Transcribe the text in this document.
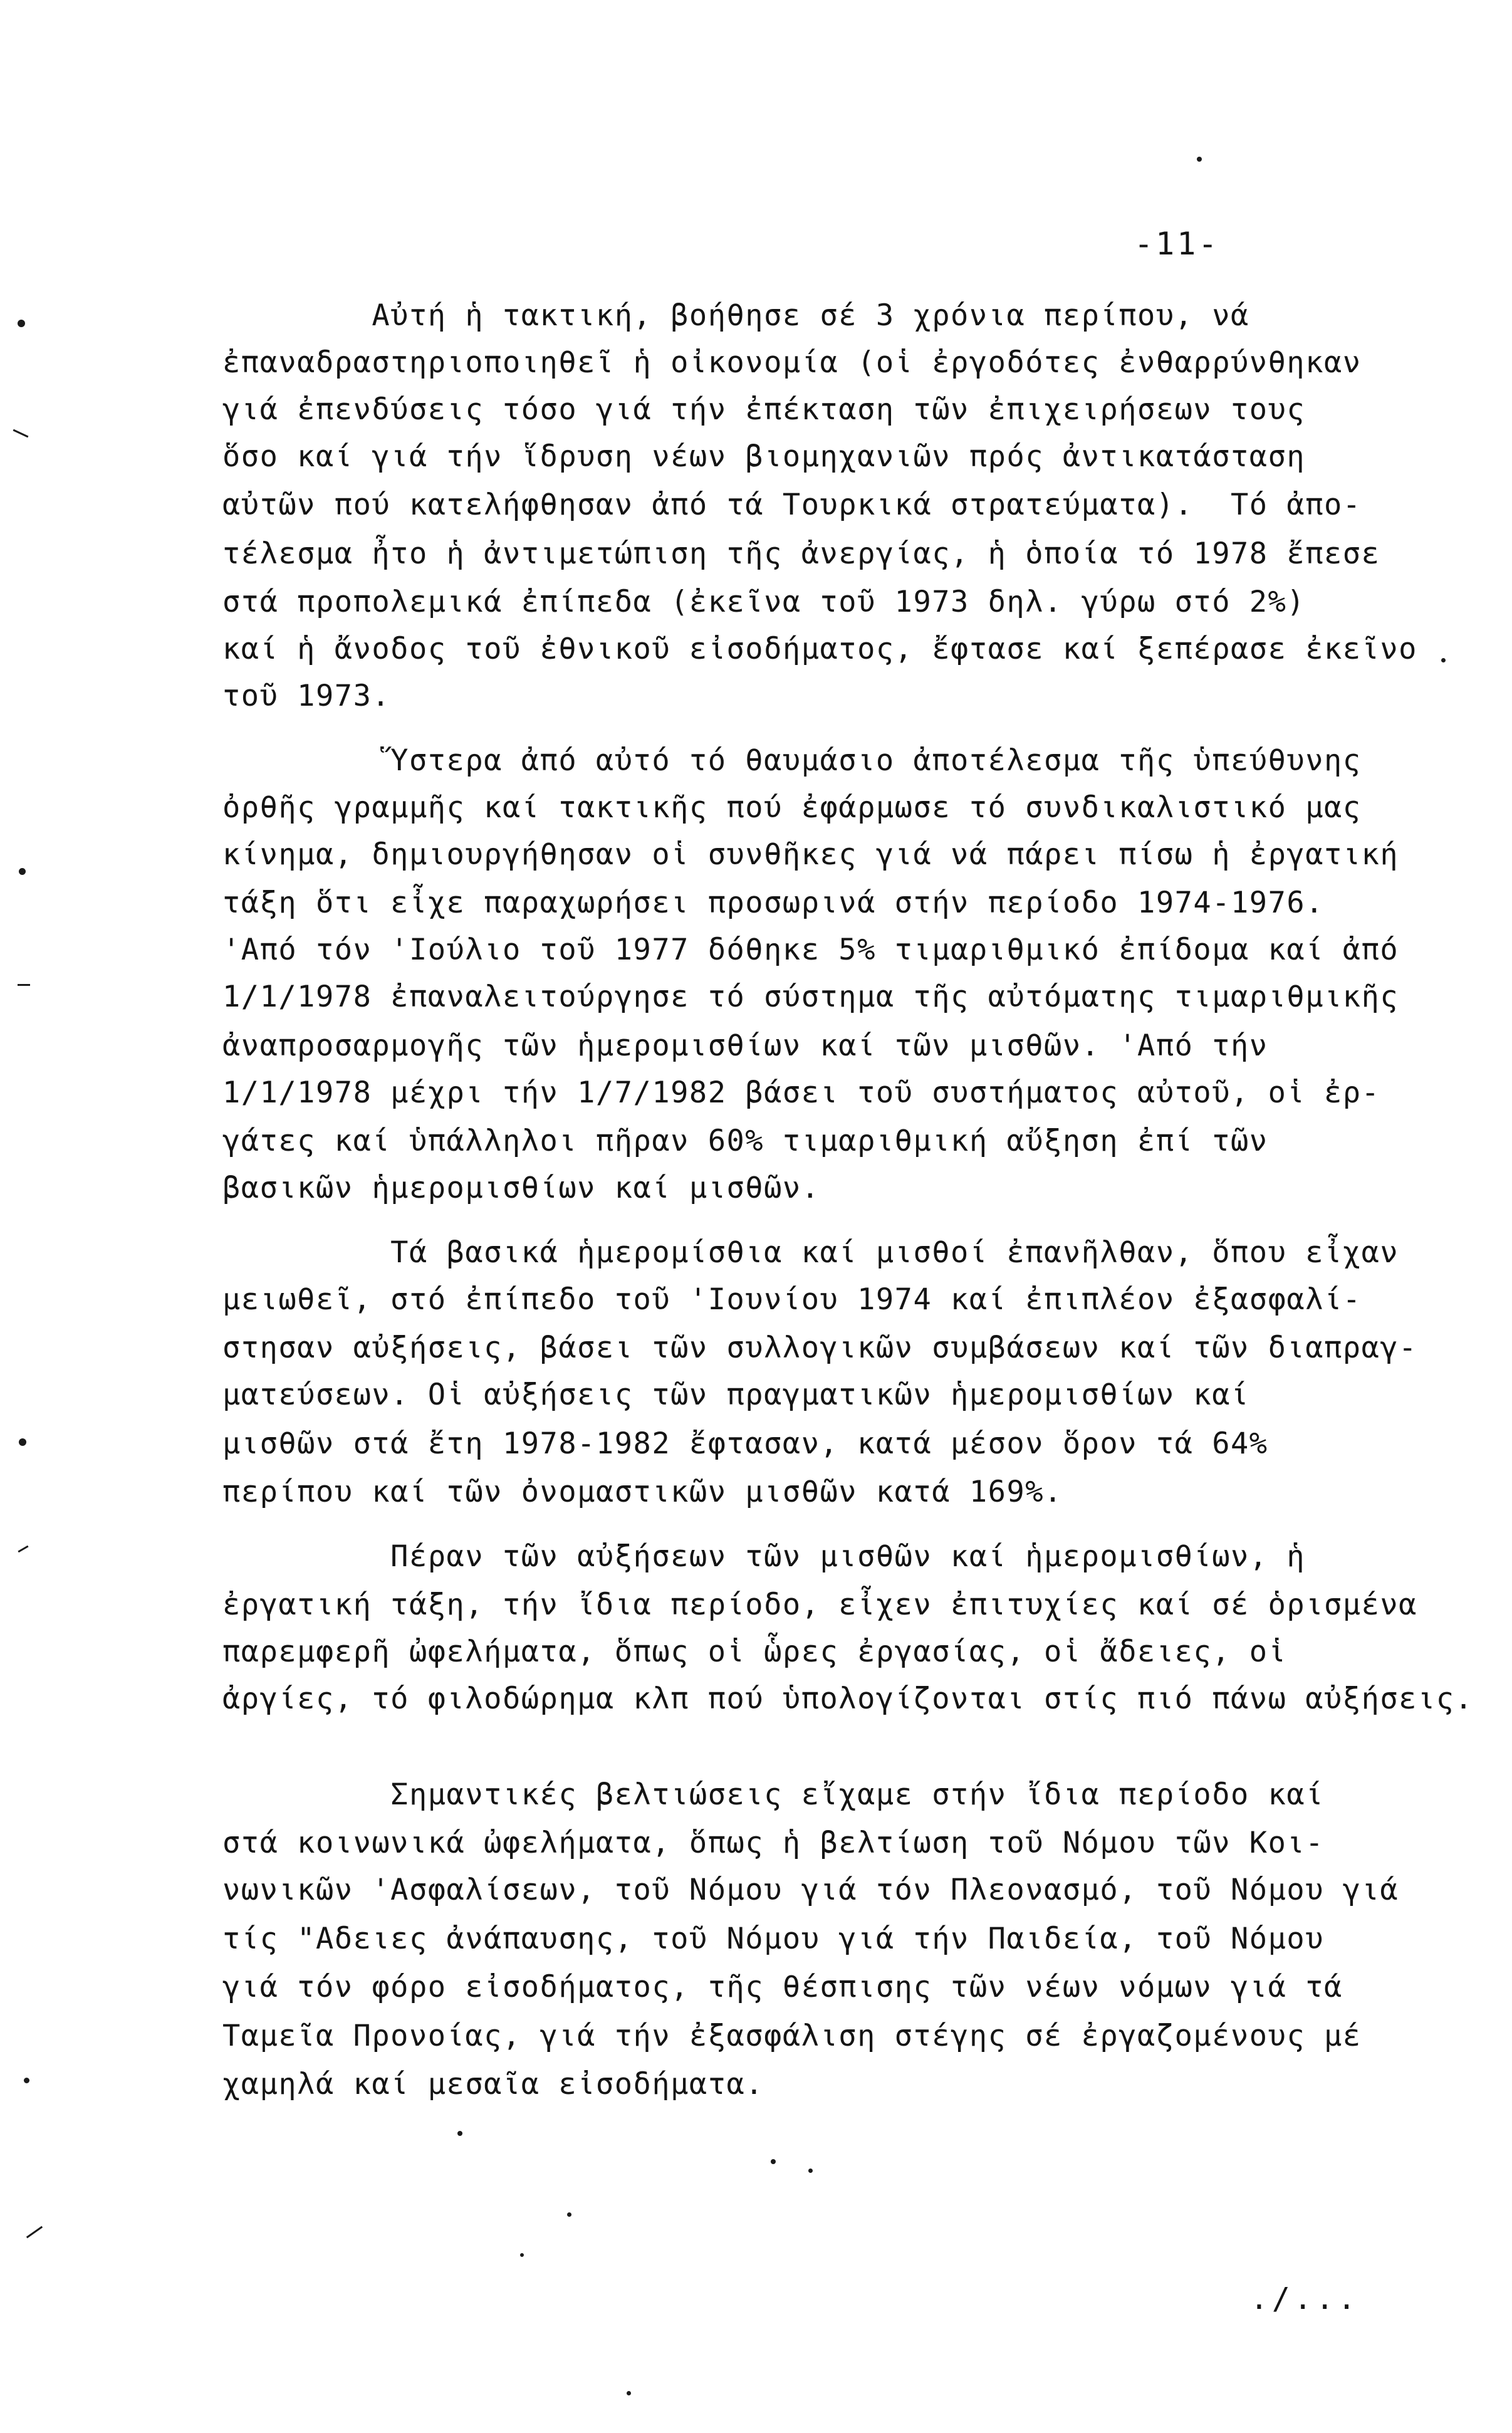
-11-
Αὐτή ἡ τακτική, βοήθησε σέ 3 χρόνια περίπου, νά
ἐπαναδραστηριοποιηθεῖ ἡ οἰκονομία (οἱ ἐργοδότες ἐνθαρρύνθηκαν
γιά ἐπενδύσεις τόσο γιά τήν ἐπέκταση τῶν ἐπιχειρήσεων τους
ὅσο καί γιά τήν ἵδρυση νέων βιομηχανιῶν πρός ἀντικατάσταση
αὐτῶν πού κατελήφθησαν ἀπό τά Τουρκικά στρατεύματα).  Τό ἀπο-
τέλεσμα ἦτο ἡ ἀντιμετώπιση τῆς ἀνεργίας, ἡ ὁποία τό 1978 ἔπεσε
στά προπολεμικά ἐπίπεδα (ἐκεῖνα τοῦ 1973 δηλ. γύρω στό 2%)
καί ἡ ἄνοδος τοῦ ἐθνικοῦ εἰσοδήματος, ἔφτασε καί ξεπέρασε ἐκεῖνο
τοῦ 1973.
Ὕστερα ἀπό αὐτό τό θαυμάσιο ἀποτέλεσμα τῆς ὑπεύθυνης
ὀρθῆς γραμμῆς καί τακτικῆς πού ἐφάρμωσε τό συνδικαλιστικό μας
κίνημα, δημιουργήθησαν οἱ συνθῆκες γιά νά πάρει πίσω ἡ ἐργατική
τάξη ὅτι εἶχε παραχωρήσει προσωρινά στήν περίοδο 1974-1976.
'Από τόν 'Ιούλιο τοῦ 1977 δόθηκε 5% τιμαριθμικό ἐπίδομα καί ἀπό
1/1/1978 ἐπαναλειτούργησε τό σύστημα τῆς αὐτόματης τιμαριθμικῆς
ἀναπροσαρμογῆς τῶν ἡμερομισθίων καί τῶν μισθῶν. 'Από τήν
1/1/1978 μέχρι τήν 1/7/1982 βάσει τοῦ συστήματος αὐτοῦ, οἱ ἐρ-
γάτες καί ὑπάλληλοι πῆραν 60% τιμαριθμική αὔξηση ἐπί τῶν
βασικῶν ἡμερομισθίων καί μισθῶν.
Τά βασικά ἡμερομίσθια καί μισθοί ἐπανῆλθαν, ὅπου εἶχαν
μειωθεῖ, στό ἐπίπεδο τοῦ 'Ιουνίου 1974 καί ἐπιπλέον ἐξασφαλί-
στησαν αὐξήσεις, βάσει τῶν συλλογικῶν συμβάσεων καί τῶν διαπραγ-
ματεύσεων. Οἱ αὐξήσεις τῶν πραγματικῶν ἡμερομισθίων καί
μισθῶν στά ἔτη 1978-1982 ἔφτασαν, κατά μέσον ὅρον τά 64%
περίπου καί τῶν ὀνομαστικῶν μισθῶν κατά 169%.
Πέραν τῶν αὐξήσεων τῶν μισθῶν καί ἡμερομισθίων, ἡ
ἐργατική τάξη, τήν ἴδια περίοδο, εἶχεν ἐπιτυχίες καί σέ ὁρισμένα
παρεμφερῆ ὠφελήματα, ὅπως οἱ ὧρες ἐργασίας, οἱ ἄδειες, οἱ
ἀργίες, τό φιλοδώρημα κλπ πού ὑπολογίζονται στίς πιό πάνω αὐξήσεις.
Σημαντικές βελτιώσεις εἴχαμε στήν ἴδια περίοδο καί
στά κοινωνικά ὠφελήματα, ὅπως ἡ βελτίωση τοῦ Νόμου τῶν Κοι-
νωνικῶν 'Ασφαλίσεων, τοῦ Νόμου γιά τόν Πλεονασμό, τοῦ Νόμου γιά
τίς "Αδειες ἀνάπαυσης, τοῦ Νόμου γιά τήν Παιδεία, τοῦ Νόμου
γιά τόν φόρο εἰσοδήματος, τῆς θέσπισης τῶν νέων νόμων γιά τά
Ταμεῖα Προνοίας, γιά τήν ἐξασφάλιση στέγης σέ ἐργαζομένους μέ
χαμηλά καί μεσαῖα εἰσοδήματα.
./...
